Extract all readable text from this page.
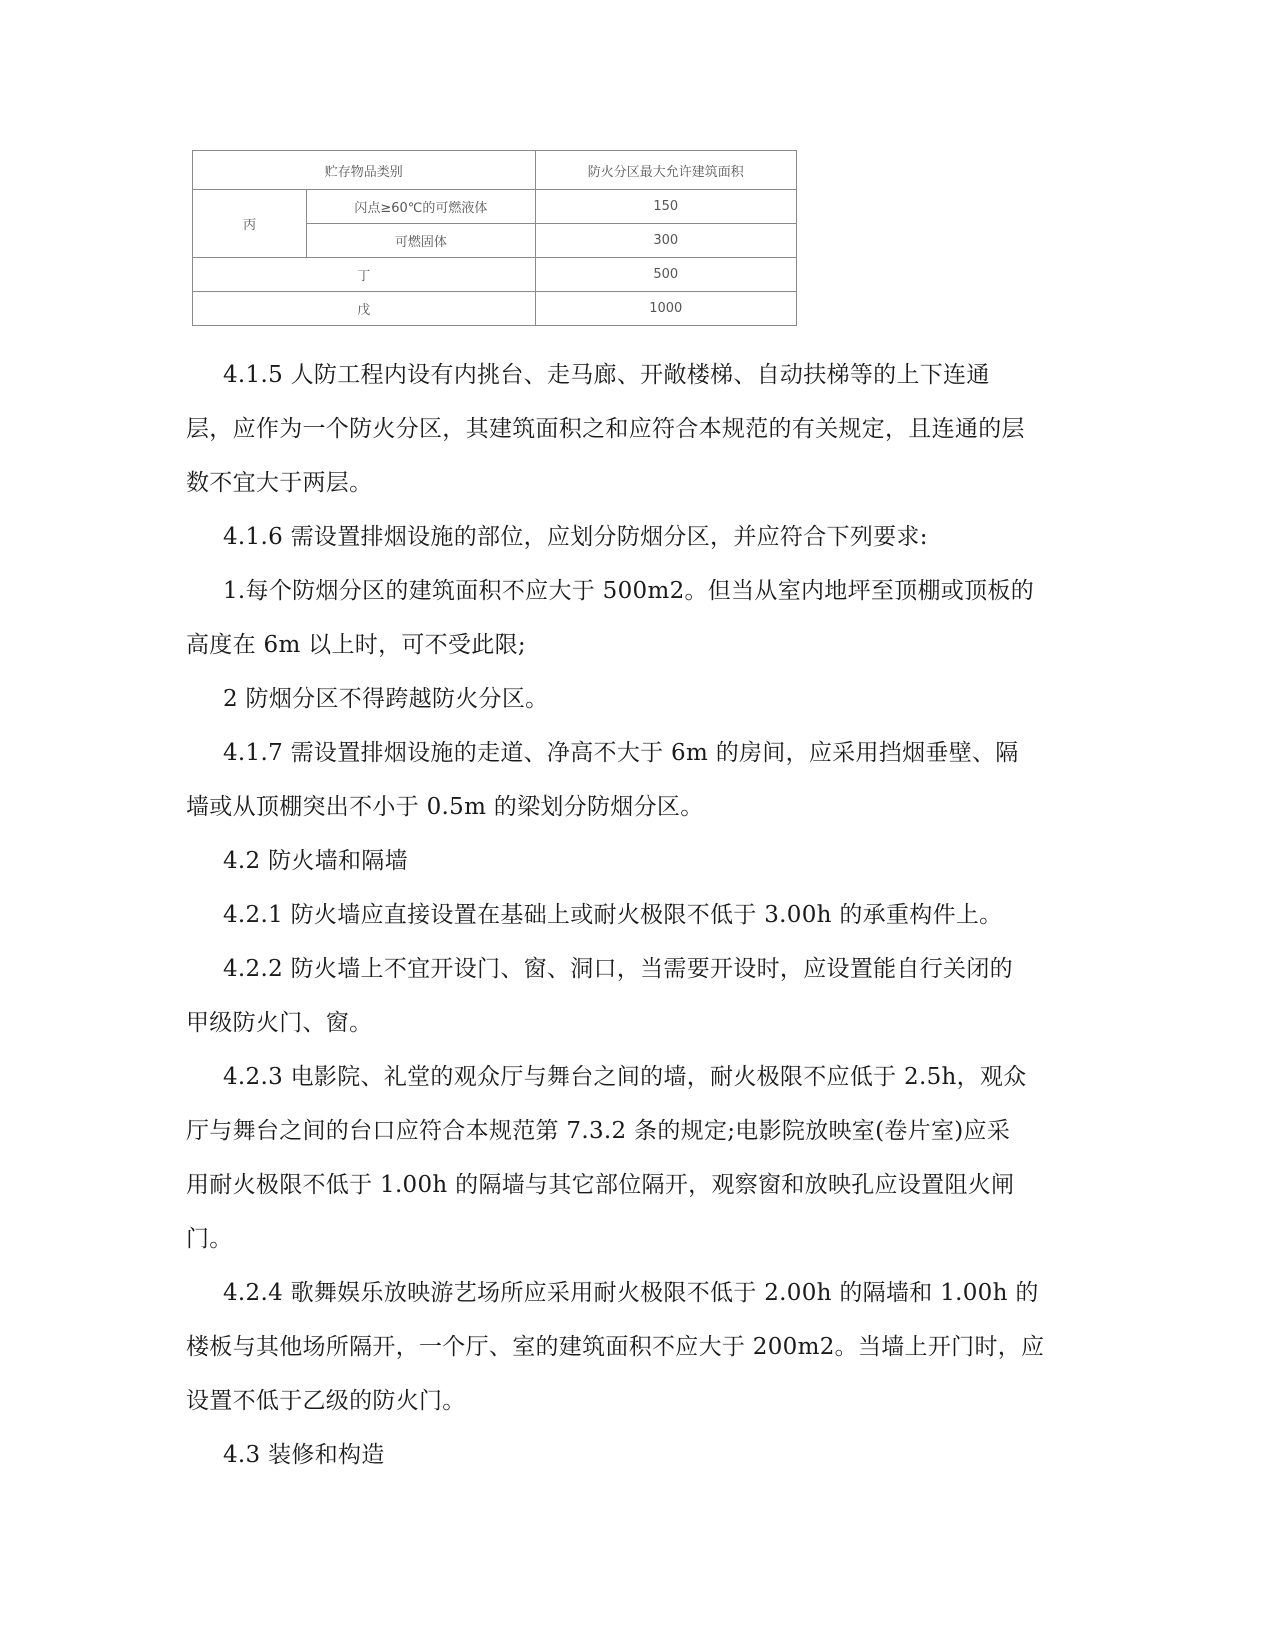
贮存物品类别		防火分区最大允许建筑面积
丙	闪点≥60℃的可燃液体	150
	可燃固体	300
丁		500
戊		1000

4.1.5 人防工程内设有内挑台、走马廊、开敞楼梯、自动扶梯等的上下连通

层，应作为一个防火分区，其建筑面积之和应符合本规范的有关规定，且连通的层

数不宜大于两层。

4.1.6 需设置排烟设施的部位，应划分防烟分区，并应符合下列要求:

1.每个防烟分区的建筑面积不应大于 500m2。但当从室内地坪至顶棚或顶板的

高度在 6m 以上时，可不受此限;

2 防烟分区不得跨越防火分区。

4.1.7 需设置排烟设施的走道、净高不大于 6m 的房间，应采用挡烟垂壁、隔

墙或从顶棚突出不小于 0.5m 的梁划分防烟分区。

4.2 防火墙和隔墙

4.2.1 防火墙应直接设置在基础上或耐火极限不低于 3.00h 的承重构件上。

4.2.2 防火墙上不宜开设门、窗、洞口，当需要开设时，应设置能自行关闭的

甲级防火门、窗。

4.2.3 电影院、礼堂的观众厅与舞台之间的墙，耐火极限不应低于 2.5h，观众

厅与舞台之间的台口应符合本规范第 7.3.2 条的规定;电影院放映室(卷片室)应采

用耐火极限不低于 1.00h 的隔墙与其它部位隔开，观察窗和放映孔应设置阻火闸

门。

4.2.4 歌舞娱乐放映游艺场所应采用耐火极限不低于 2.00h 的隔墙和 1.00h 的

楼板与其他场所隔开，一个厅、室的建筑面积不应大于 200m2。当墙上开门时，应

设置不低于乙级的防火门。

4.3 装修和构造
